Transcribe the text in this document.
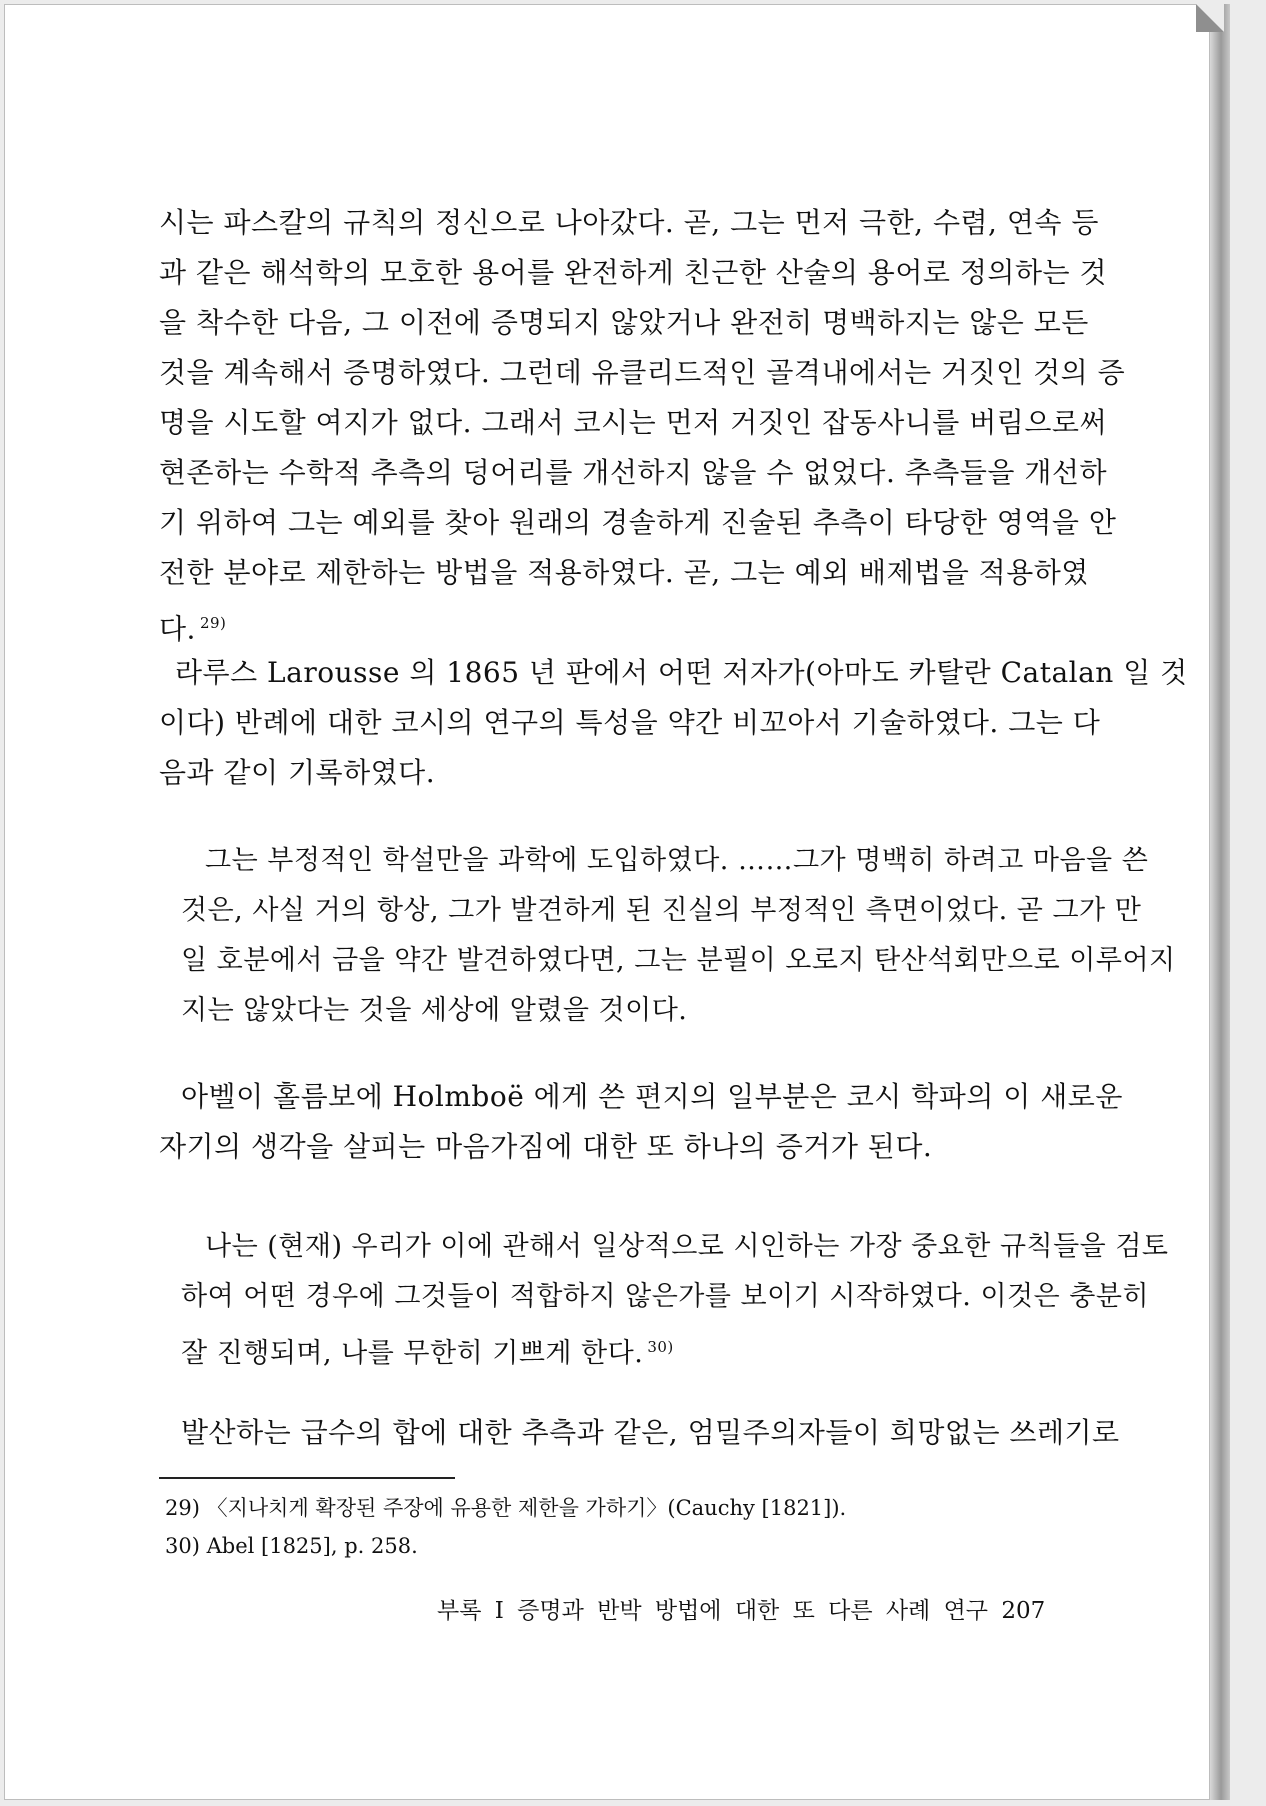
시는 파스칼의 규칙의 정신으로 나아갔다. 곧, 그는 먼저 극한, 수렴, 연속 등

과 같은 해석학의 모호한 용어를 완전하게 친근한 산술의 용어로 정의하는 것

을 착수한 다음, 그 이전에 증명되지 않았거나 완전히 명백하지는 않은 모든

것을 계속해서 증명하였다. 그런데 유클리드적인 골격내에서는 거짓인 것의 증

명을 시도할 여지가 없다. 그래서 코시는 먼저 거짓인 잡동사니를 버림으로써

현존하는 수학적 추측의 덩어리를 개선하지 않을 수 없었다. 추측들을 개선하

기 위하여 그는 예외를 찾아 원래의 경솔하게 진술된 추측이 타당한 영역을 안

전한 분야로 제한하는 방법을 적용하였다. 곧, 그는 예외 배제법을 적용하였

다. $^{29)}$

라루스 Larousse 의 1865 년 판에서 어떤 저자가(아마도 카탈란 Catalan 일 것

이다) 반례에 대한 코시의 연구의 특성을 약간 비꼬아서 기술하였다. 그는 다

음과 같이 기록하였다.

그는 부정적인 학설만을 과학에 도입하였다. ……그가 명백히 하려고 마음을 쓴

것은, 사실 거의 항상, 그가 발견하게 된 진실의 부정적인 측면이었다. 곧 그가 만

일 호분에서 금을 약간 발견하였다면, 그는 분필이 오로지 탄산석회만으로 이루어지

지는 않았다는 것을 세상에 알렸을 것이다.

아벨이 홀름보에 Holmboë 에게 쓴 편지의 일부분은 코시 학파의 이 새로운

자기의 생각을 살피는 마음가짐에 대한 또 하나의 증거가 된다.

나는 (현재) 우리가 이에 관해서 일상적으로 시인하는 가장 중요한 규칙들을 검토

하여 어떤 경우에 그것들이 적합하지 않은가를 보이기 시작하였다. 이것은 충분히

잘 진행되며, 나를 무한히 기쁘게 한다. $^{30)}$

발산하는 급수의 합에 대한 추측과 같은, 엄밀주의자들이 희망없는 쓰레기로

29) 〈지나치게 확장된 주장에 유용한 제한을 가하기〉(Cauchy [1821]).

30) Abel [1825], p. 258.

부록 I 증명과 반박 방법에 대한 또 다른 사례 연구 207
